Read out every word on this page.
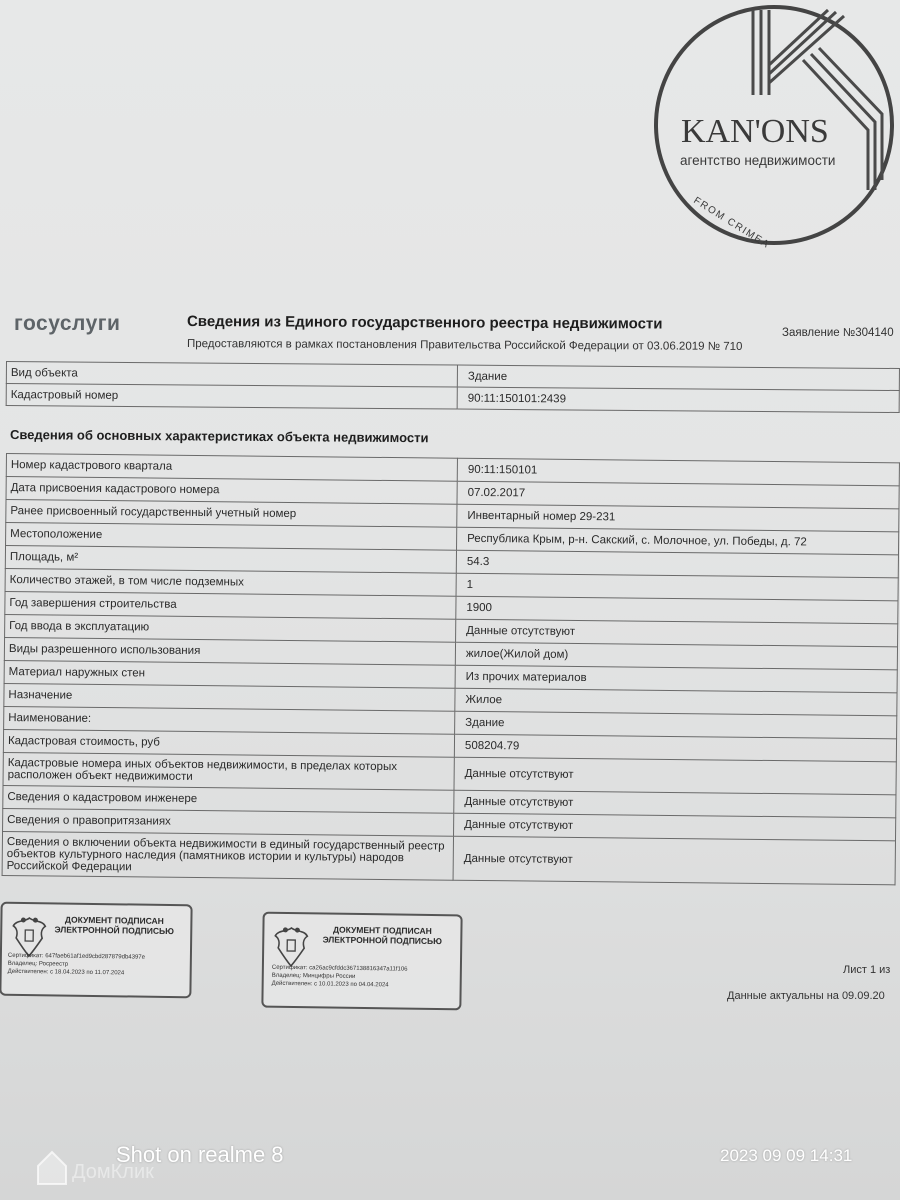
KAN'ONS
агентство недвижимости
FROM CRIMEA
госуслуги	Сведения из Единого государственного реестра недвижимости
Предоставляются в рамках постановления Правительства Российской Федерации от 03.06.2019 № 710
Заявление №304140
Вид объекта	Здание
Кадастровый номер	90:11:150101:2439
Сведения об основных характеристиках объекта недвижимости
Номер кадастрового квартала	90:11:150101
Дата присвоения кадастрового номера	07.02.2017
Ранее присвоенный государственный учетный номер	Инвентарный номер 29-231
Местоположение	Республика Крым, р-н. Сакский, с. Молочное, ул. Победы, д. 72
Площадь, м²	54.3
Количество этажей, в том числе подземных	1
Год завершения строительства	1900
Год ввода в эксплуатацию	Данные отсутствуют
Виды разрешенного использования	жилое(Жилой дом)
Материал наружных стен	Из прочих материалов
Назначение	Жилое
Наименование:	Здание
Кадастровая стоимость, руб	508204.79
Кадастровые номера иных объектов недвижимости, в пределах которых расположен объект недвижимости	Данные отсутствуют
Сведения о кадастровом инженере	Данные отсутствуют
Сведения о правопритязаниях	Данные отсутствуют
Сведения о включении объекта недвижимости в единый государственный реестр объектов культурного наследия (памятников истории и культуры) народов Российской Федерации	Данные отсутствуют
ДОКУМЕНТ ПОДПИСАН ЭЛЕКТРОННОЙ ПОДПИСЬЮ
Сертификат: 647faeb61af1ed9cbd287879db4397e
Владелец: Росреестр
Действителен: с 18.04.2023 по 11.07.2024
ДОКУМЕНТ ПОДПИСАН ЭЛЕКТРОННОЙ ПОДПИСЬЮ
Сертификат: ca26ac9cfddc3671388163​47a11f106
Владелец: Минцифры России
Действителен: с 10.01.2023 по 04.04.2024
Лист 1 из
Данные актуальны на 09.09.20
ДомКлик
Shot on realme 8	2023 09 09 14:31
